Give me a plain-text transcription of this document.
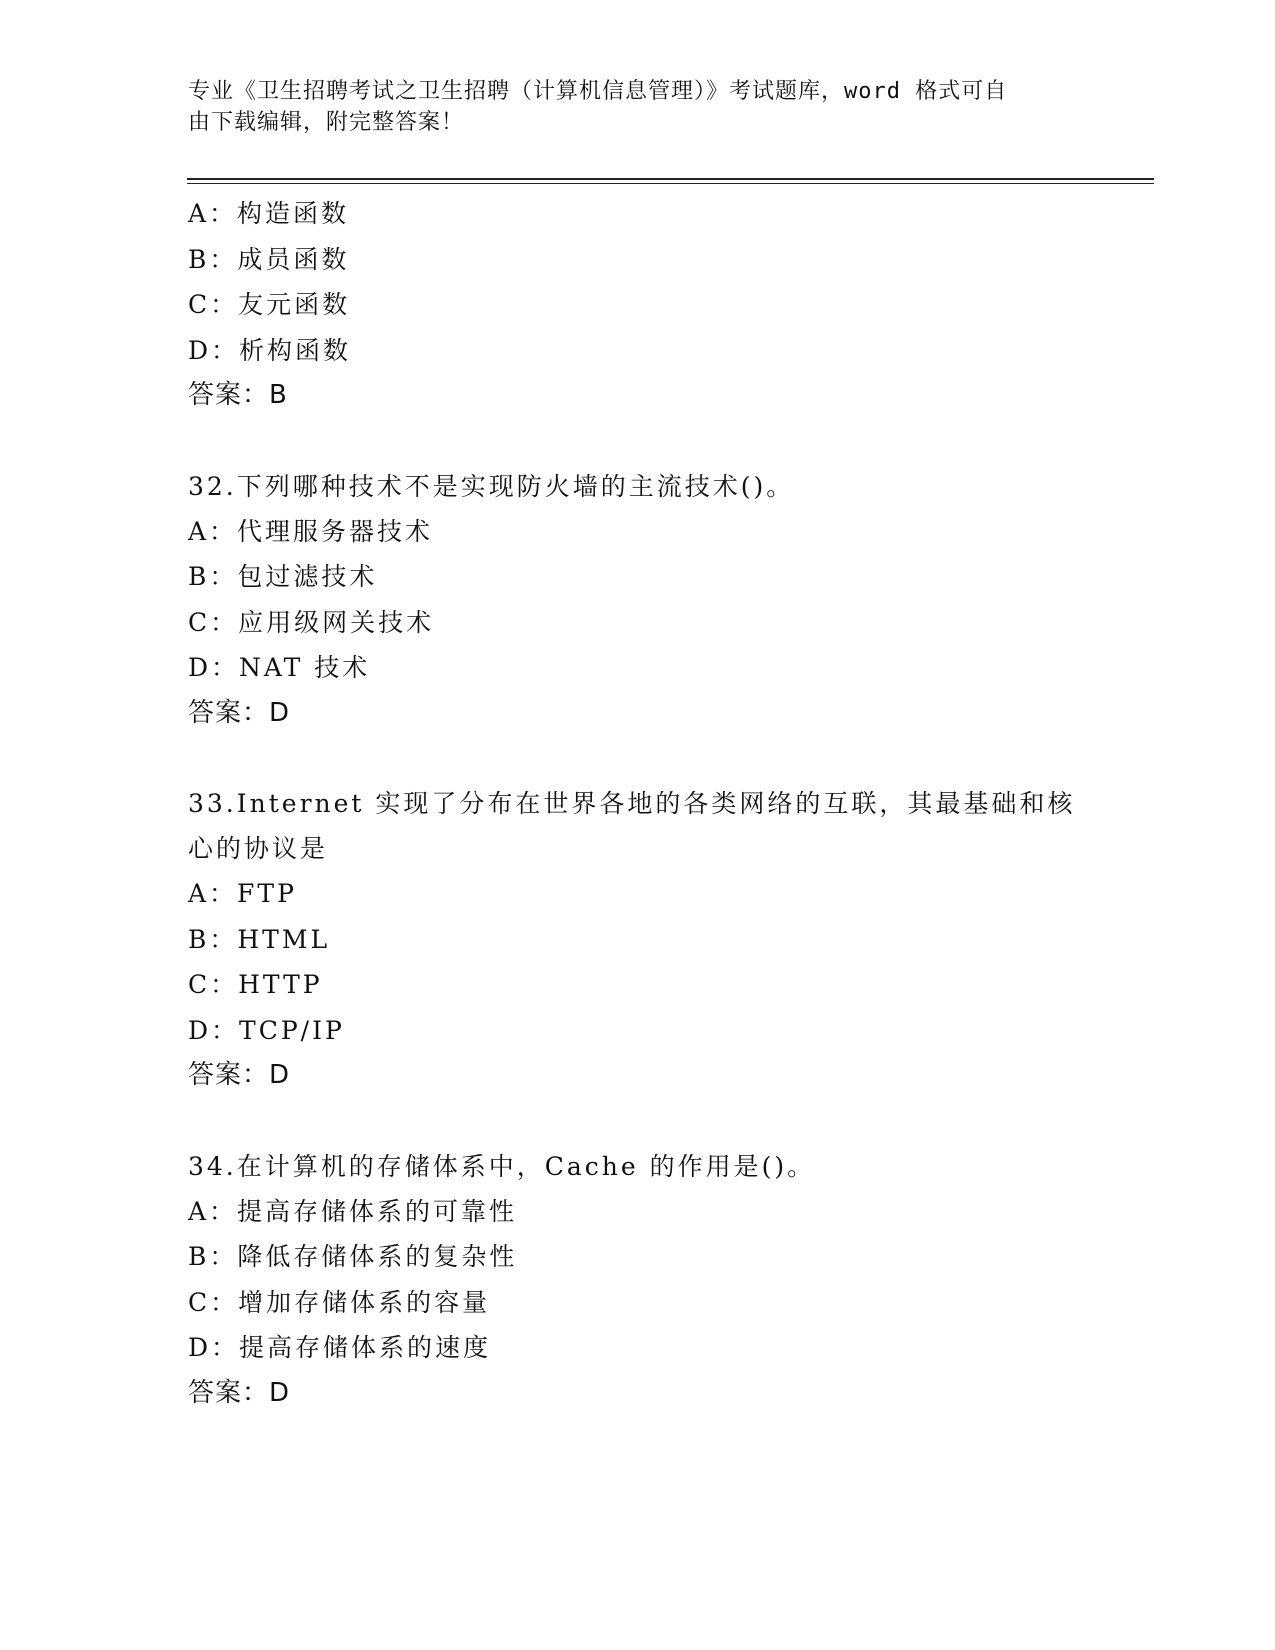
专业《卫生招聘考试之卫生招聘（计算机信息管理）》考试题库，word 格式可自
由下载编辑，附完整答案！
A：构造函数
B：成员函数
C：友元函数
D：析构函数
答案：B
32.下列哪种技术不是实现防火墙的主流技术()。
A：代理服务器技术
B：包过滤技术
C：应用级网关技术
D：NAT 技术
答案：D
33.Internet 实现了分布在世界各地的各类网络的互联，其最基础和核
心的协议是
A：FTP
B：HTML
C：HTTP
D：TCP/IP
答案：D
34.在计算机的存储体系中，Cache 的作用是()。
A：提高存储体系的可靠性
B：降低存储体系的复杂性
C：增加存储体系的容量
D：提高存储体系的速度
答案：D
